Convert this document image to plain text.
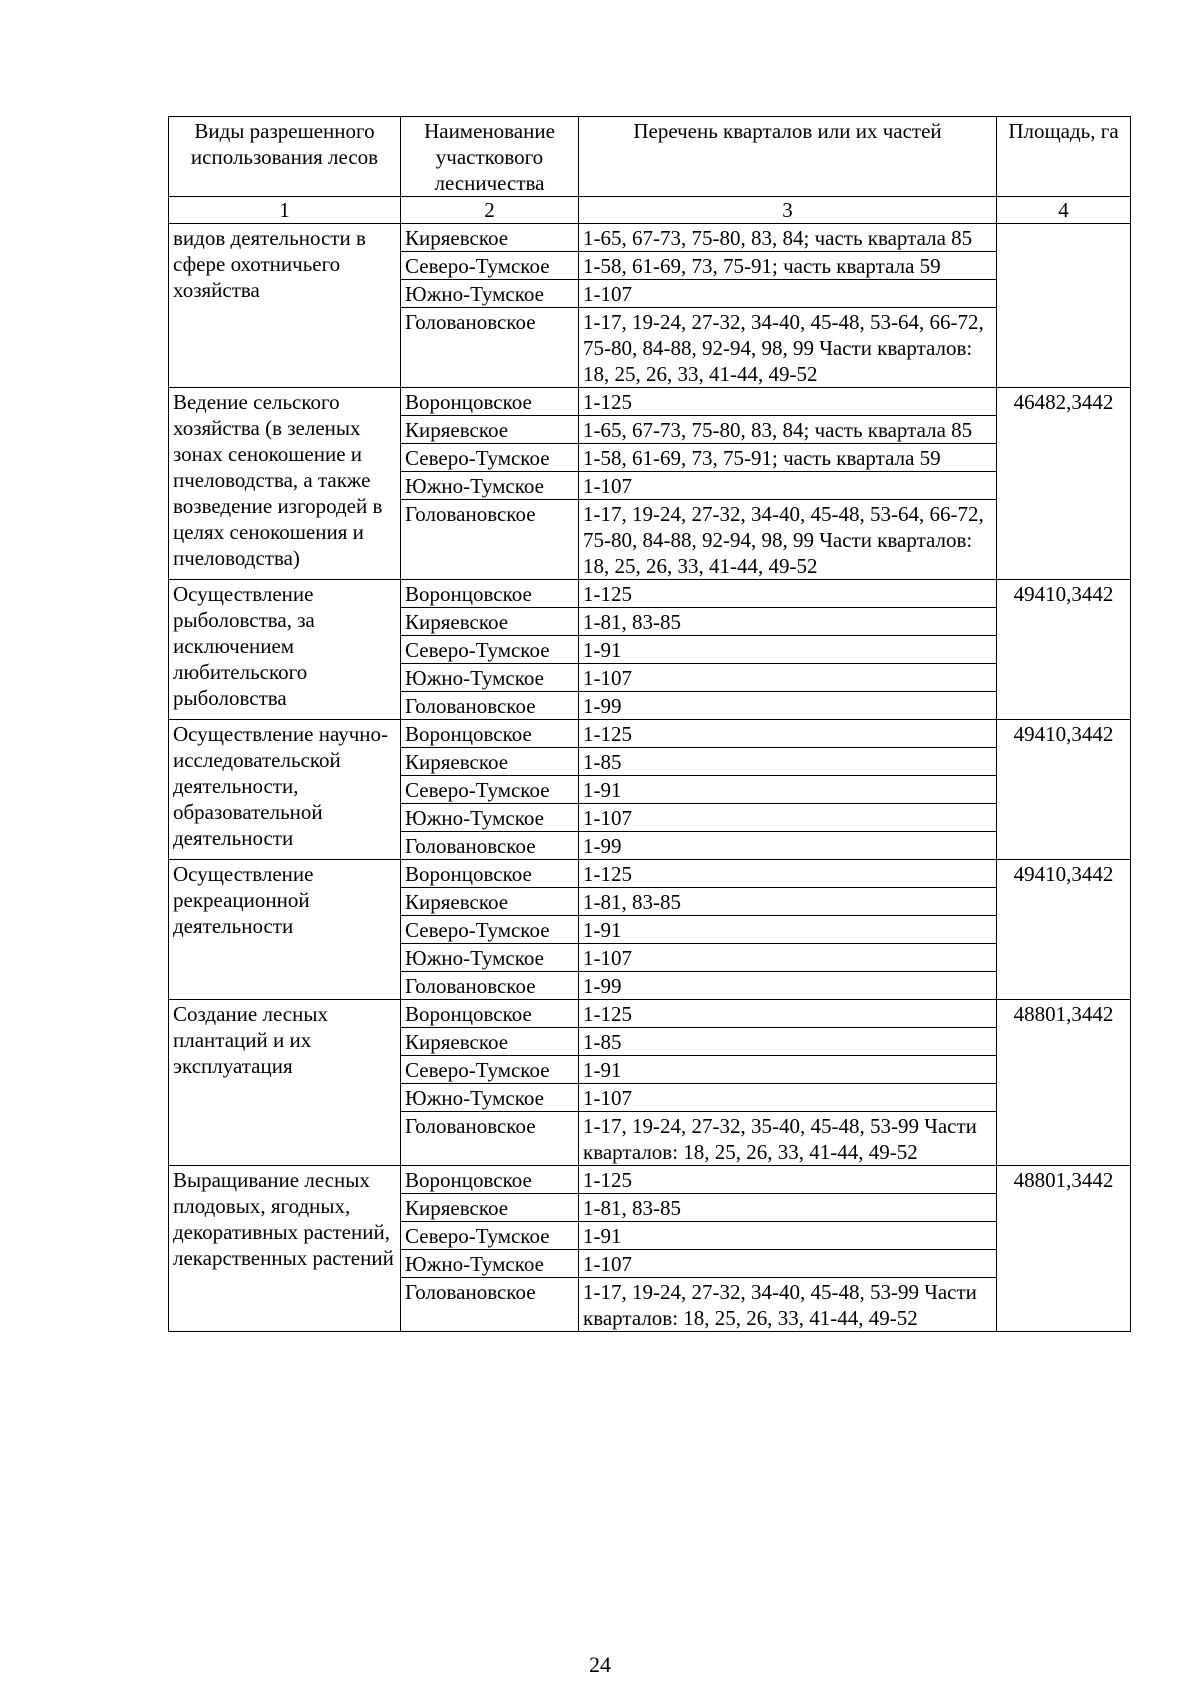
Виды разрешенного использования лесов	Наименование участкового лесничества	Перечень кварталов или их частей	Площадь, га
1	2	3	4
видов деятельности в сфере охотничьего хозяйства	Киряевское	1-65, 67-73, 75-80, 83, 84; часть квартала 85	
	Северо-Тумское	1-58, 61-69, 73, 75-91; часть квартала 59	
	Южно-Тумское	1-107	
	Голованoвское	1-17, 19-24, 27-32, 34-40, 45-48, 53-64, 66-72, 75-80, 84-88, 92-94, 98, 99 Части кварталов: 18, 25, 26, 33, 41-44, 49-52	
Ведение сельского хозяйства (в зеленых зонах сенокошение и пчеловодства, а также возведение изгородей в целях сенокошения и пчеловодства)	Воронцовское	1-125	46482,3442
	Киряевское	1-65, 67-73, 75-80, 83, 84; часть квартала 85	
	Северо-Тумское	1-58, 61-69, 73, 75-91; часть квартала 59	
	Южно-Тумское	1-107	
	Голованoвское	1-17, 19-24, 27-32, 34-40, 45-48, 53-64, 66-72, 75-80, 84-88, 92-94, 98, 99 Части кварталов: 18, 25, 26, 33, 41-44, 49-52	
Осуществление рыболовства, за исключением любительского рыболовства	Воронцовское	1-125	49410,3442
	Киряевское	1-81, 83-85	
	Северо-Тумское	1-91	
	Южно-Тумское	1-107	
	Голованoвское	1-99	
Осуществление научно-исследовательской деятельности, образовательной деятельности	Воронцовское	1-125	49410,3442
	Киряевское	1-85	
	Северо-Тумское	1-91	
	Южно-Тумское	1-107	
	Голованoвское	1-99	
Осуществление рекреационной деятельности	Воронцовское	1-125	49410,3442
	Киряевское	1-81, 83-85	
	Северо-Тумское	1-91	
	Южно-Тумское	1-107	
	Голованoвское	1-99	
Создание лесных плантаций и их эксплуатация	Воронцовское	1-125	48801,3442
	Киряевское	1-85	
	Северо-Тумское	1-91	
	Южно-Тумское	1-107	
	Голованoвское	1-17, 19-24, 27-32, 35-40, 45-48, 53-99 Части кварталов: 18, 25, 26, 33, 41-44, 49-52	
Выращивание лесных плодовых, ягодных, декоративных растений, лекарственных растений	Воронцовское	1-125	48801,3442
	Киряевское	1-81, 83-85	
	Северо-Тумское	1-91	
	Южно-Тумское	1-107	
	Голованoвское	1-17, 19-24, 27-32, 34-40, 45-48, 53-99 Части кварталов: 18, 25, 26, 33, 41-44, 49-52	
24
